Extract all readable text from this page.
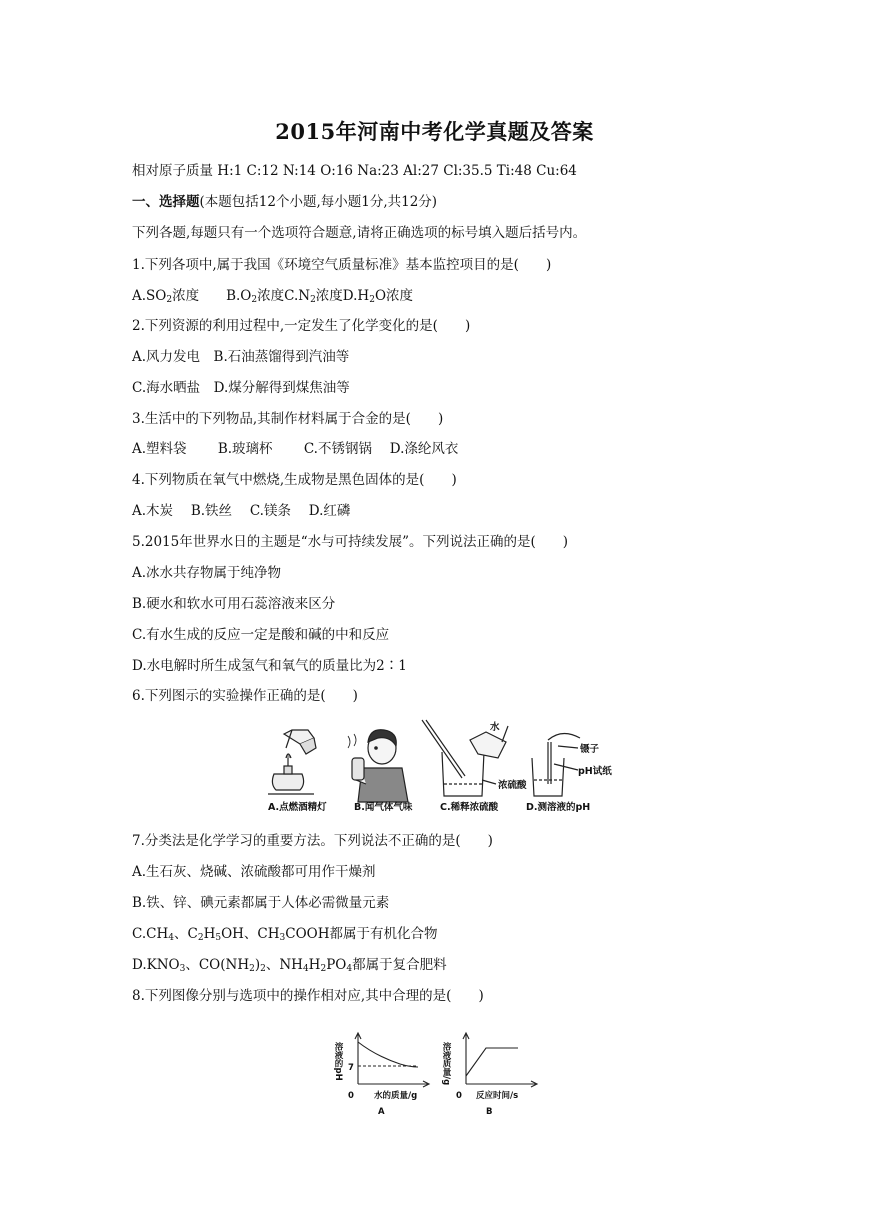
2015年河南中考化学真题及答案
相对原子质量 H:1 C:12 N:14 O:16 Na:23 Al:27 Cl:35.5 Ti:48 Cu:64
一、选择题(本题包括12个小题,每小题1分,共12分)
下列各题,每题只有一个选项符合题意,请将正确选项的标号填入题后括号内。
1.下列各项中,属于我国《环境空气质量标准》基本监控项目的是(　　)
$A.SO_2$浓度　　$B.O_2$浓度$C.N_2$浓度$D.H_2O$浓度
2.下列资源的利用过程中,一定发生了化学变化的是(　　)
A.风力发电　B.石油蒸馏得到汽油等
C.海水晒盐　D.煤分解得到煤焦油等
3.生活中的下列物品,其制作材料属于合金的是(　　)
A.塑料袋　　 B.玻璃杯　　 C.不锈钢锅　 D.涤纶风衣
4.下列物质在氧气中燃烧,生成物是黑色固体的是(　　)
A.木炭　 B.铁丝　 C.镁条　 D.红磷
5.2015年世界水日的主题是“水与可持续发展”。下列说法正确的是(　　)
A.冰水共存物属于纯净物
B.硬水和软水可用石蕊溶液来区分
C.有水生成的反应一定是酸和碱的中和反应
D.水电解时所生成氢气和氧气的质量比为2∶1
6.下列图示的实验操作正确的是(　　)
水
浓硫酸
镊子
pH试纸
A.点燃酒精灯	B.闻气体气味	C.稀释浓硫酸	D.测溶液的pH
7.分类法是化学学习的重要方法。下列说法不正确的是(　　)
A.生石灰、烧碱、浓硫酸都可用作干燥剂
B.铁、锌、碘元素都属于人体必需微量元素
$C.CH_4$、$C_2H_5OH$、$CH_3COOH$都属于有机化合物
$D.KNO_3$、$CO(NH_2)_2$、$NH_4H_2PO_4$都属于复合肥料
8.下列图像分别与选项中的操作相对应,其中合理的是(　　)
溶液的pH 7
0 水的质量/g
A
溶液质量/g
0 反应时间/s
B
